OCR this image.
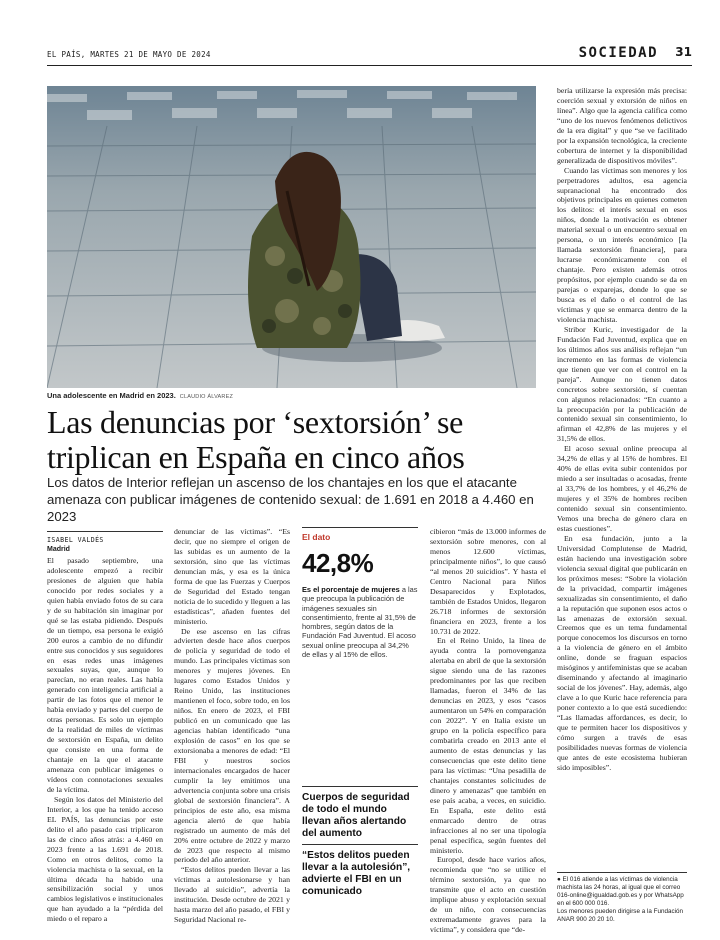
EL PAÍS, MARTES 21 DE MAYO DE 2024	SOCIEDAD 31
Una adolescente en Madrid en 2023. CLAUDIO ÁLVAREZ
Las denuncias por ‘sextorsión’ se triplican en España en cinco años
Los datos de Interior reflejan un ascenso de los chantajes en los que el atacante amenaza con publicar imágenes de contenido sexual: de 1.691 en 2018 a 4.460 en 2023
ISABEL VALDÉS
Madrid

El pasado septiembre, una adolescente empezó a recibir presiones de alguien que había conocido por redes sociales y a quien había enviado fotos de su cara y de su habitación sin imaginar por qué se las estaba pidiendo. Después de un tiempo, esa persona le exigió 200 euros a cambio de no difundir entre sus conocidos y sus seguidores en esas redes unas imágenes sexuales suyas, que, aunque lo parecían, no eran reales. Las había generado con inteligencia artificial a partir de las fotos que el menor le había enviado y partes del cuerpo de otras personas. Es solo un ejemplo de la realidad de miles de víctimas de sextorsión en España, un delito que consiste en una forma de chantaje en la que el atacante amenaza con publicar imágenes o vídeos con connotaciones sexuales de la víctima.

Según los datos del Ministerio del Interior, a los que ha tenido acceso EL PAÍS, las denuncias por este delito el año pasado casi triplicaron las de cinco años atrás: a 4.460 en 2023 frente a las 1.691 de 2018. Como en otros delitos, como la violencia machista o la sexual, en la última década ha habido una sensibilización social y unos cambios legislativos e institucionales que han ayudado a la “pérdida del miedo o el reparo a

denunciar de las víctimas”. “Es decir, que no siempre el origen de las subidas es un aumento de la sextorsión, sino que las víctimas denuncian más, y esa es la única forma de que las Fuerzas y Cuerpos de Seguridad del Estado tengan noticia de lo sucedido y lleguen a las estadísticas”, añaden fuentes del ministerio.

De ese ascenso en las cifras advierten desde hace años cuerpos de policía y seguridad de todo el mundo. Las principales víctimas son menores y mujeres jóvenes. En lugares como Estados Unidos y Reino Unido, las instituciones mantienen el foco, sobre todo, en los niños. En enero de 2023, el FBI publicó en un comunicado que las agencias habían identificado “una explosión de casos” en los que se extorsionaba a menores de edad: “El FBI y nuestros socios internacionales encargados de hacer cumplir la ley emitimos una advertencia conjunta sobre una crisis global de sextorsión financiera”. A principios de este año, esa misma agencia alertó de que había registrado un aumento de más del 20% entre octubre de 2022 y marzo de 2023 que respecto al mismo periodo del año anterior.

“Estos delitos pueden llevar a las víctimas a autolesionarse y han llevado al suicidio”, advertía la institución. Desde octubre de 2021 y hasta marzo del año pasado, el FBI y Seguridad Nacional re-

El dato
42,8%
Es el porcentaje de mujeres a las que preocupa la publicación de imágenes sexuales sin consentimiento, frente al 31,5% de hombres, según datos de la Fundación Fad Juventud. El acoso sexual online preocupa al 34,2% de ellas y al 15% de ellos.
Cuerpos de seguridad de todo el mundo llevan años alertando del aumento
“Estos delitos pueden llevar a la autolesión”, advierte el FBI en un comunicado

cibieron “más de 13.000 informes de sextorsión sobre menores, con al menos 12.600 víctimas, principalmente niños”, lo que causó “al menos 20 suicidios”. Y hasta el Centro Nacional para Niños Desaparecidos y Explotados, también de Estados Unidos, llegaron 26.718 informes de sextorsión financiera en 2023, frente a los 10.731 de 2022.

En el Reino Unido, la línea de ayuda contra la pornovenganza alertaba en abril de que la sextorsión sigue siendo una de las razones predominantes por las que reciben llamadas, fueron el 34% de las denuncias en 2023, y esos “casos aumentaron un 54% en comparación con 2022”. Y en Italia existe un grupo en la policía específico para combatirla creado en 2013 ante el aumento de estas denuncias y las consecuencias que este delito tiene para las víctimas: “Una pesadilla de chantajes constantes solicitudes de dinero y amenazas” que también en ese país acaba, a veces, en suicidio. En España, este delito está enmarcado dentro de otras infracciones al no ser una tipología penal específica, según fuentes del ministerio.

Europol, desde hace varios años, recomienda que “no se utilice el término sextorsión, ya que no transmite que el acto en cuestión implique abuso y explotación sexual de un niño, con consecuencias extremadamente graves para la víctima”, y considera que “de-

bería utilizarse la expresión más precisa: coerción sexual y extorsión de niños en línea”. Algo que la agencia califica como “uno de los nuevos fenómenos delictivos de la era digital” y que “se ve facilitado por la expansión tecnológica, la creciente cobertura de internet y la disponibilidad generalizada de dispositivos móviles”.

Cuando las víctimas son menores y los perpetradores adultos, esa agencia supranacional ha encontrado dos objetivos principales en quienes cometen los delitos: el interés sexual en esos niños, donde la motivación es obtener material sexual o un encuentro sexual en persona, o un interés económico [la llamada sextorsión financiera], para lucrarse económicamente con el chantaje. Pero existen además otros propósitos, por ejemplo cuando se da en parejas o exparejas, donde lo que se busca es el daño o el control de las víctimas y que se enmarca dentro de la violencia machista.

Stribor Kuric, investigador de la Fundación Fad Juventud, explica que en los últimos años sus análisis reflejan “un incremento en las formas de violencia que tienen que ver con el control en la pareja”. Aunque no tienen datos concretos sobre sextorsión, sí cuentan con algunos relacionados: “En cuanto a la preocupación por la publicación de contenido sexual sin consentimiento, lo afirman el 42,8% de las mujeres y el 31,5% de ellos.

El acoso sexual online preocupa al 34,2% de ellas y al 15% de hombres. El 40% de ellas evita subir contenidos por miedo a ser insultadas o acosadas, frente al 33,7% de los hombres, y el 46,2% de mujeres y el 35% de hombres reciben contenido sexual sin consentimiento. Vemos una brecha de género clara en estas cuestiones”.

En esa fundación, junto a la Universidad Complutense de Madrid, están haciendo una investigación sobre violencia sexual digital que publicarán en los próximos meses: “Sobre la violación de la privacidad, compartir imágenes sexualizadas sin consentimiento, el daño a la reputación que suponen esos actos o las amenazas de extorsión sexual. Creemos que es un tema fundamental porque conocemos los discursos en torno a la violencia de género en el ámbito online, donde se fraguan espacios misóginos y antifeministas que se acaban diseminando y afectando al imaginario social de los jóvenes”. Hay, además, algo clave a lo que Kuric hace referencia para poner contexto a lo que está sucediendo: “Las llamadas affordances, es decir, lo que te permiten hacer los dispositivos y cómo surgen a través de esas posibilidades nuevas formas de violencia que antes de este ecosistema hubieran sido imposibles”.

● El 016 atiende a las víctimas de violencia machista las 24 horas, al igual que el correo 016-online@igualdad.gob.es y por WhatsApp en el 600 000 016.
Los menores pueden dirigirse a la Fundación ANAR 900 20 20 10.
